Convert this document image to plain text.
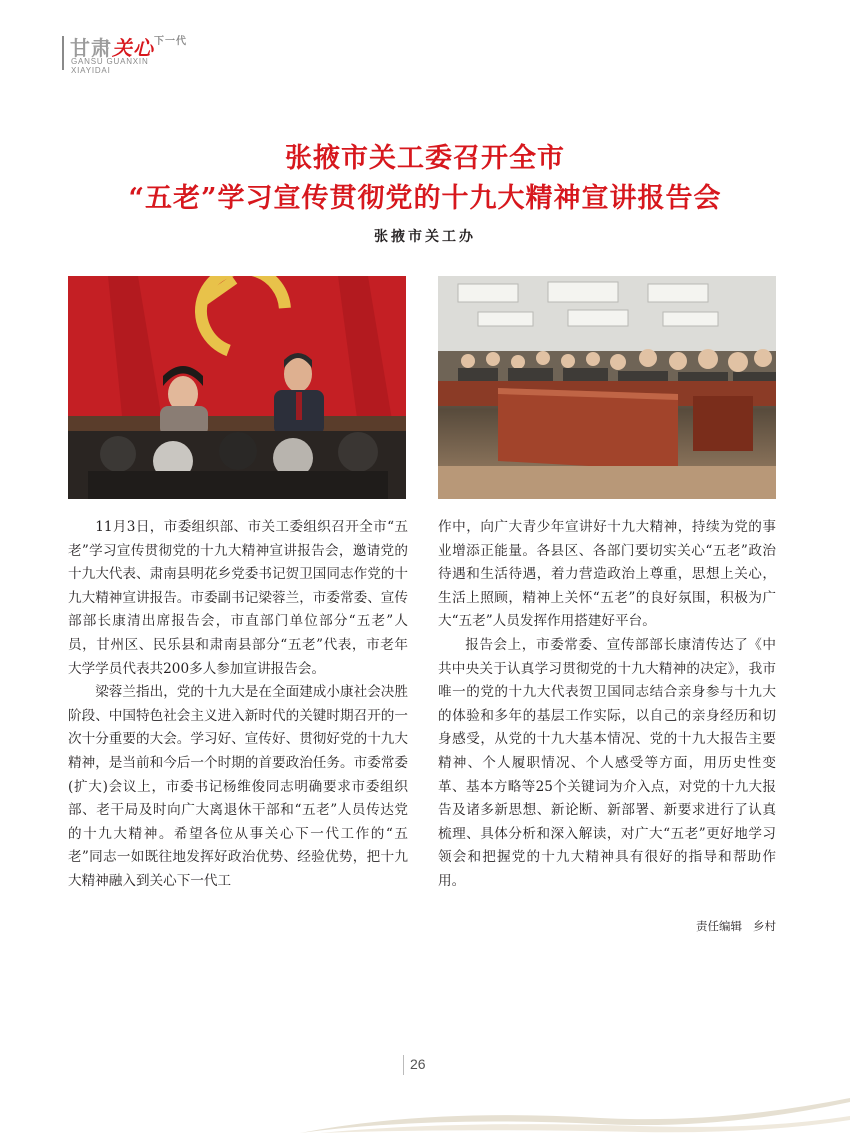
甘肃关心$^{下一代}$
GANSU GUANXIN
XIAYIDAI
张掖市关工委召开全市
“五老”学习宣传贯彻党的十九大精神宣讲报告会
张掖市关工办

11月3日，市委组织部、市关工委组织召开全市“五老”学习宣传贯彻党的十九大精神宣讲报告会，邀请党的十九大代表、肃南县明花乡党委书记贺卫国同志作党的十九大精神宣讲报告。市委副书记梁蓉兰，市委常委、宣传部部长康清出席报告会，市直部门单位部分“五老”人员，甘州区、民乐县和肃南县部分“五老”代表，市老年大学学员代表共200多人参加宣讲报告会。

梁蓉兰指出，党的十九大是在全面建成小康社会决胜阶段、中国特色社会主义进入新时代的关键时期召开的一次十分重要的大会。学习好、宣传好、贯彻好党的十九大精神，是当前和今后一个时期的首要政治任务。市委常委(扩大)会议上，市委书记杨维俊同志明确要求市委组织部、老干局及时向广大离退休干部和“五老”人员传达党的十九大精神。希望各位从事关心下一代工作的“五老”同志一如既往地发挥好政治优势、经验优势，把十九大精神融入到关心下一代工

作中，向广大青少年宣讲好十九大精神，持续为党的事业增添正能量。各县区、各部门要切实关心“五老”政治待遇和生活待遇，着力营造政治上尊重，思想上关心，生活上照顾，精神上关怀“五老”的良好氛围，积极为广大“五老”人员发挥作用搭建好平台。

报告会上，市委常委、宣传部部长康清传达了《中共中央关于认真学习贯彻党的十九大精神的决定》，我市唯一的党的十九大代表贺卫国同志结合亲身参与十九大的体验和多年的基层工作实际，以自己的亲身经历和切身感受，从党的十九大基本情况、党的十九大报告主要精神、个人履职情况、个人感受等方面，用历史性变革、基本方略等25个关键词为介入点，对党的十九大报告及诸多新思想、新论断、新部署、新要求进行了认真梳理、具体分析和深入解读，对广大“五老”更好地学习领会和把握党的十九大精神具有很好的指导和帮助作用。

责任编辑   乡村
26
